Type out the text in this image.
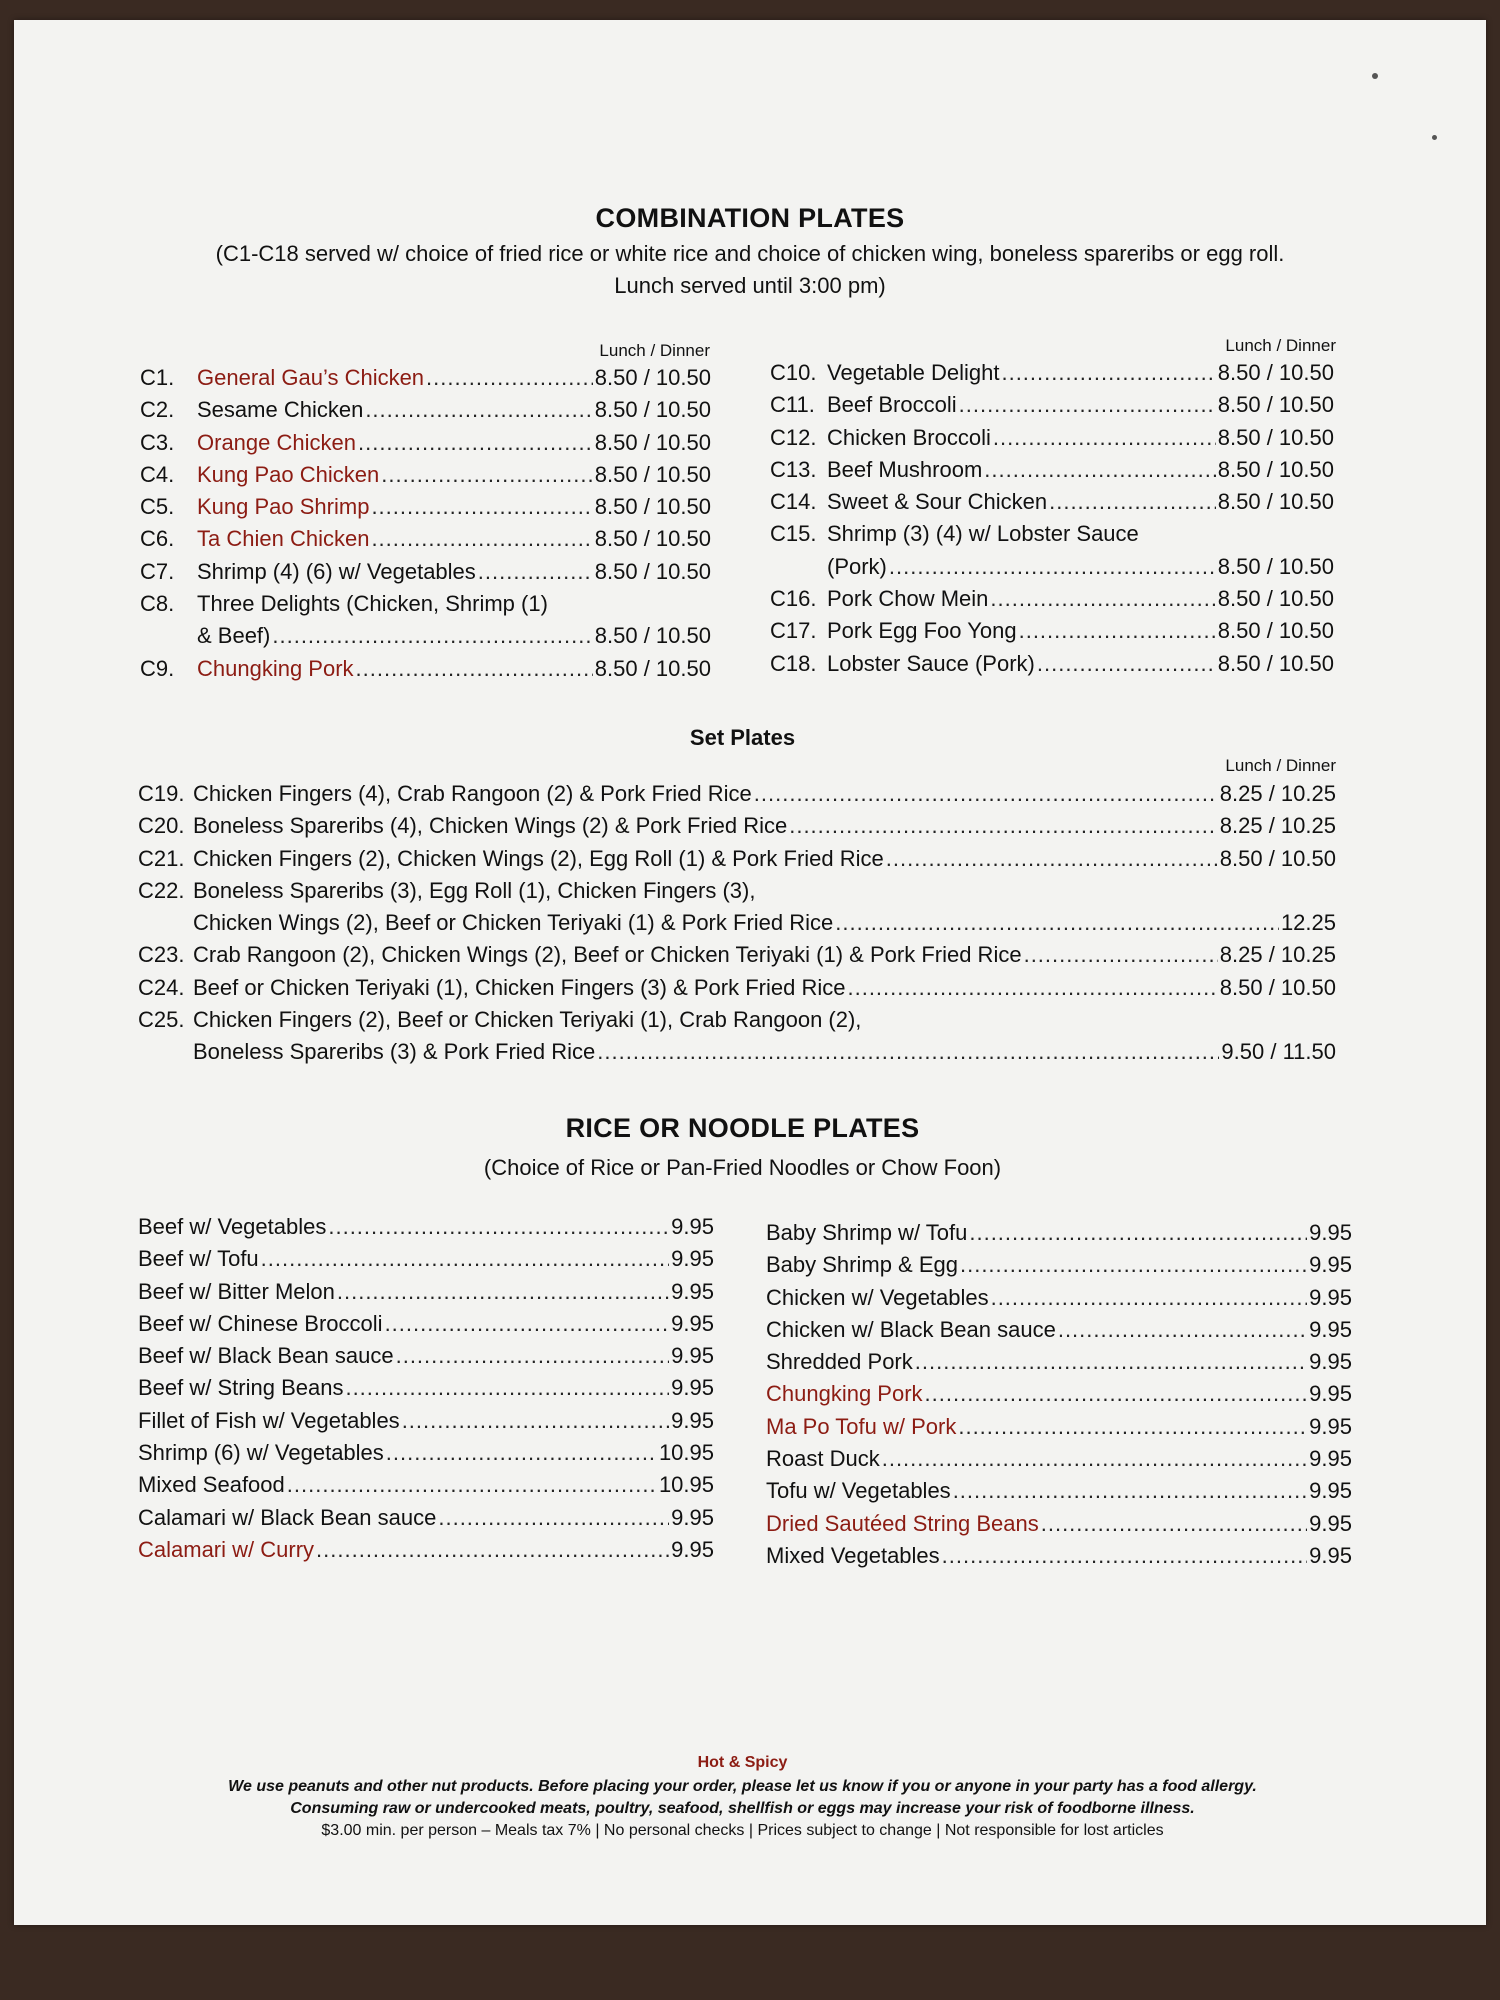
COMBINATION PLATES
(C1-C18 served w/ choice of fried rice or white rice and choice of chicken wing, boneless spareribs or egg roll.
Lunch served until 3:00 pm)
Lunch / Dinner	Lunch / Dinner
C1.	General Gau’s Chicken .....	8.50 / 10.50
C2.	Sesame Chicken .....	8.50 / 10.50
C3.	Orange Chicken .....	8.50 / 10.50
C4.	Kung Pao Chicken .....	8.50 / 10.50
C5.	Kung Pao Shrimp .....	8.50 / 10.50
C6.	Ta Chien Chicken .....	8.50 / 10.50
C7.	Shrimp (4) (6) w/ Vegetables .....	8.50 / 10.50
C8.	Three Delights (Chicken, Shrimp (1)
& Beef) .....	8.50 / 10.50
C9.	Chungking Pork .....	8.50 / 10.50
C10. Vegetable Delight .....	8.50 / 10.50
C11. Beef Broccoli .....	8.50 / 10.50
C12. Chicken Broccoli .....	8.50 / 10.50
C13. Beef Mushroom .....	8.50 / 10.50
C14. Sweet & Sour Chicken .....	8.50 / 10.50
C15. Shrimp (3) (4) w/ Lobster Sauce
(Pork) .....	8.50 / 10.50
C16. Pork Chow Mein .....	8.50 / 10.50
C17. Pork Egg Foo Yong .....	8.50 / 10.50
C18. Lobster Sauce (Pork) .....	8.50 / 10.50
Set Plates
Lunch / Dinner
C19. Chicken Fingers (4), Crab Rangoon (2) & Pork Fried Rice .....	8.25 / 10.25
C20. Boneless Spareribs (4), Chicken Wings (2) & Pork Fried Rice .....	8.25 / 10.25
C21. Chicken Fingers (2), Chicken Wings (2), Egg Roll (1) & Pork Fried Rice .....	8.50 / 10.50
C22. Boneless Spareribs (3), Egg Roll (1), Chicken Fingers (3),
Chicken Wings (2), Beef or Chicken Teriyaki (1) & Pork Fried Rice .....	12.25
C23. Crab Rangoon (2), Chicken Wings (2), Beef or Chicken Teriyaki (1) & Pork Fried Rice .....	8.25 / 10.25
C24. Beef or Chicken Teriyaki (1), Chicken Fingers (3) & Pork Fried Rice .....	8.50 / 10.50
C25. Chicken Fingers (2), Beef or Chicken Teriyaki (1), Crab Rangoon (2),
Boneless Spareribs (3) & Pork Fried Rice .....	9.50 / 11.50
RICE OR NOODLE PLATES
(Choice of Rice or Pan-Fried Noodles or Chow Foon)
Beef w/ Vegetables .....	9.95
Beef w/ Tofu .....	9.95
Beef w/ Bitter Melon .....	9.95
Beef w/ Chinese Broccoli .....	9.95
Beef w/ Black Bean sauce .....	9.95
Beef w/ String Beans .....	9.95
Fillet of Fish w/ Vegetables .....	9.95
Shrimp (6) w/ Vegetables .....	10.95
Mixed Seafood .....	10.95
Calamari w/ Black Bean sauce .....	9.95
Calamari w/ Curry .....	9.95
Baby Shrimp w/ Tofu .....	9.95
Baby Shrimp & Egg .....	9.95
Chicken w/ Vegetables .....	9.95
Chicken w/ Black Bean sauce .....	9.95
Shredded Pork .....	9.95
Chungking Pork .....	9.95
Ma Po Tofu w/ Pork .....	9.95
Roast Duck .....	9.95
Tofu w/ Vegetables .....	9.95
Dried Sautéed String Beans .....	9.95
Mixed Vegetables .....	9.95
Hot & Spicy
We use peanuts and other nut products. Before placing your order, please let us know if you or anyone in your party has a food allergy.
Consuming raw or undercooked meats, poultry, seafood, shellfish or eggs may increase your risk of foodborne illness.
$3.00 min. per person – Meals tax 7% | No personal checks | Prices subject to change | Not responsible for lost articles
